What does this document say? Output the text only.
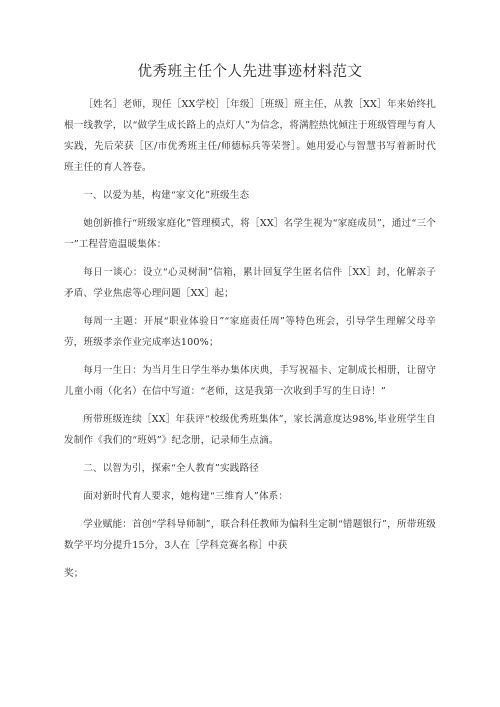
优秀班主任个人先进事迹材料范文

［姓名］老师，现任［XX学校］［年级］［班级］班主任，从教［XX］年来始终扎根一线教学，以“做学生成长路上的点灯人”为信念，将满腔热忱倾注于班级管理与育人实践，先后荣获［区/市优秀班主任/师德标兵等荣誉］。她用爱心与智慧书写着新时代班主任的育人答卷。

一、以爱为基，构建“家文化”班级生态

她创新推行“班级家庭化”管理模式，将［XX］名学生视为“家庭成员”，通过“三个一”工程营造温暖集体：

每日一谈心：设立“心灵树洞”信箱，累计回复学生匿名信件［XX］封，化解亲子矛盾、学业焦虑等心理问题［XX］起；

每周一主题：开展“职业体验日”“家庭责任周”等特色班会，引导学生理解父母辛劳，班级孝亲作业完成率达100%；

每月一生日：为当月生日学生举办集体庆典，手写祝福卡、定制成长相册，让留守儿童小雨（化名）在信中写道：“老师，这是我第一次收到手写的生日诗！”

所带班级连续［XX］年获评“校级优秀班集体”，家长满意度达98%,毕业班学生自发制作《我们的“班妈”》纪念册，记录师生点滴。

二、以智为引，探索“全人教育”实践路径

面对新时代育人要求，她构建“三维育人”体系：

学业赋能：首创“学科导师制”，联合科任教师为偏科生定制“错题银行”，所带班级数学平均分提升15分，3人在［学科竞赛名称］中获

奖；
